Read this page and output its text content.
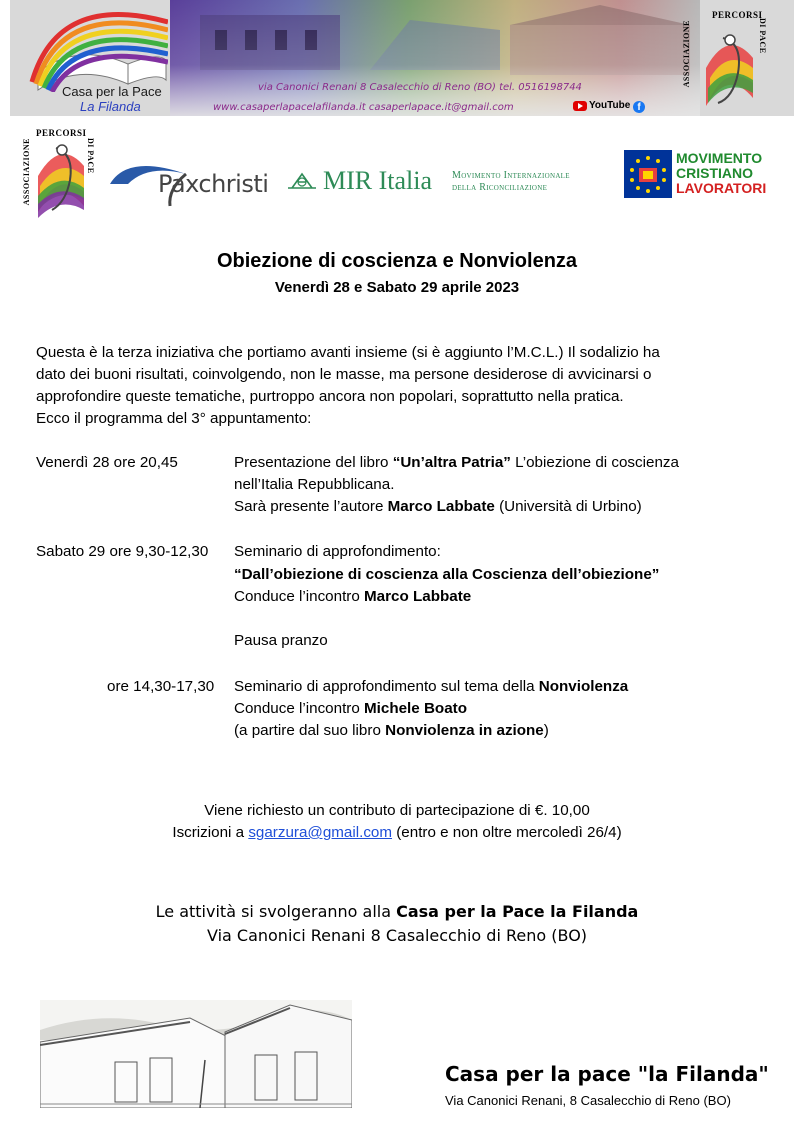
Casa per la Pace
La Filanda
via Canonici Renani 8 Casalecchio di Reno (BO) tel. 0516198744
www.casaperlapacelafilanda.it casaperlapace.it@gmail.com	YouTube f
PERCORSI
ASSOCIAZIONE	DI PACE
PERCORSI
ASSOCIAZIONE	DI PACE
Paxchristi MIR Italia Movimento Internazionale
della Riconciliazione
MOVIMENTO
CRISTIANO
LAVORATORI
Obiezione di coscienza e Nonviolenza
Venerdì 28 e Sabato 29 aprile 2023
Questa è la terza iniziativa che portiamo avanti insieme (si è aggiunto l’M.C.L.) Il sodalizio ha
dato dei buoni risultati, coinvolgendo, non le masse, ma persone desiderose di avvicinarsi o
approfondire queste tematiche, purtroppo ancora non popolari, soprattutto nella pratica.
Ecco il programma del 3° appuntamento:
Venerdì 28 ore 20,45	Presentazione del libro “Un’altra Patria” L’obiezione di coscienza
nell’Italia Repubblicana.
Sarà presente l’autore Marco Labbate (Università di Urbino)
Sabato 29 ore 9,30-12,30 Seminario di approfondimento:
“Dall’obiezione di coscienza alla Coscienza dell’obiezione”
Conduce l’incontro Marco Labbate
Pausa pranzo
ore 14,30-17,30 Seminario di approfondimento sul tema della Nonviolenza
Conduce l’incontro Michele Boato
(a partire dal suo libro Nonviolenza in azione)
Viene richiesto un contributo di partecipazione di €. 10,00
Iscrizioni a sgarzura@gmail.com (entro e non oltre mercoledì 26/4)
Le attività si svolgeranno alla Casa per la Pace la Filanda
Via Canonici Renani 8 Casalecchio di Reno (BO)
Casa per la pace "la Filanda"
Via Canonici Renani, 8 Casalecchio di Reno (BO)
